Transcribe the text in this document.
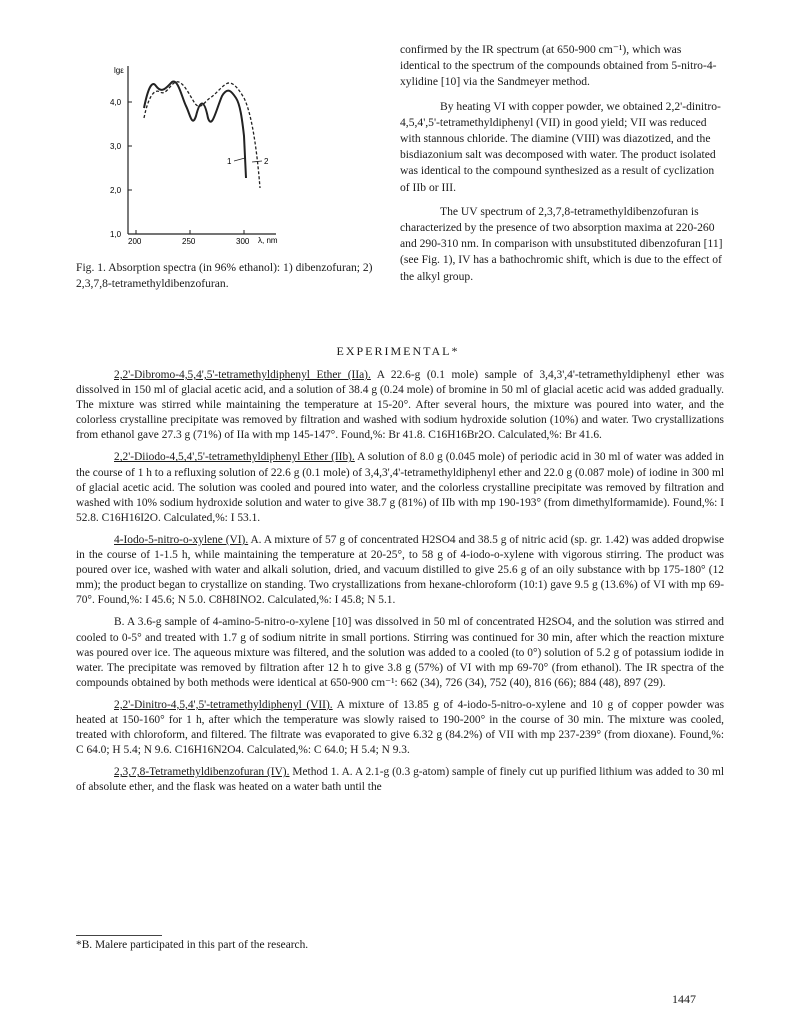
lgε
4,0
3,0
2,0
1,0
200	250	300 λ, nm
1	2
Fig. 1. Absorption spectra (in 96% ethanol): 1) dibenzofuran; 2) 2,3,7,8-tetramethyldibenzofuran.

confirmed by the IR spectrum (at 650-900 cm⁻¹), which was identical to the spectrum of the compounds obtained from 5-nitro-4-xylidine [10] via the Sandmeyer method.

By heating VI with copper powder, we obtained 2,2'-dinitro-4,5,4',5'-tetramethyldiphenyl (VII) in good yield; VII was reduced with stannous chloride. The diamine (VIII) was diazotized, and the bisdiazonium salt was decomposed with water. The product isolated was identical to the compound synthesized as a result of cyclization of IIb or III.

The UV spectrum of 2,3,7,8-tetramethyldibenzofuran is characterized by the presence of two absorption maxima at 220-260 and 290-310 nm. In comparison with unsubstituted dibenzofuran [11] (see Fig. 1), IV has a bathochromic shift, which is due to the effect of the alkyl group.

EXPERIMENTAL*

2,2'-Dibromo-4,5,4',5'-tetramethyldiphenyl Ether (IIa). A 22.6-g (0.1 mole) sample of 3,4,3',4'-tetramethyldiphenyl ether was dissolved in 150 ml of glacial acetic acid, and a solution of 38.4 g (0.24 mole) of bromine in 50 ml of glacial acetic acid was added gradually. The mixture was stirred while maintaining the temperature at 15-20°. After several hours, the mixture was poured into water, and the colorless crystalline precipitate was removed by filtration and washed with sodium hydroxide solution (10%) and water. Two crystallizations from ethanol gave 27.3 g (71%) of IIa with mp 145-147°. Found,%: Br 41.8. C16H16Br2O. Calculated,%: Br 41.6.

2,2'-Diiodo-4,5,4',5'-tetramethyldiphenyl Ether (IIb). A solution of 8.0 g (0.045 mole) of periodic acid in 30 ml of water was added in the course of 1 h to a refluxing solution of 22.6 g (0.1 mole) of 3,4,3',4'-tetramethyldiphenyl ether and 22.0 g (0.087 mole) of iodine in 300 ml of glacial acetic acid. The solution was cooled and poured into water, and the colorless crystalline precipitate was removed by filtration and washed with 10% sodium hydroxide solution and water to give 38.7 g (81%) of IIb with mp 190-193° (from dimethylformamide). Found,%: I 52.8. C16H16I2O. Calculated,%: I 53.1.

4-Iodo-5-nitro-o-xylene (VI). A. A mixture of 57 g of concentrated H2SO4 and 38.5 g of nitric acid (sp. gr. 1.42) was added dropwise in the course of 1-1.5 h, while maintaining the temperature at 20-25°, to 58 g of 4-iodo-o-xylene with vigorous stirring. The product was poured over ice, washed with water and alkali solution, dried, and vacuum distilled to give 25.6 g of an oily substance with bp 175-180° (12 mm); the product began to crystallize on standing. Two crystallizations from hexane-chloroform (10:1) gave 9.5 g (13.6%) of VI with mp 69-70°. Found,%: I 45.6; N 5.0. C8H8INO2. Calculated,%: I 45.8; N 5.1.

B. A 3.6-g sample of 4-amino-5-nitro-o-xylene [10] was dissolved in 50 ml of concentrated H2SO4, and the solution was stirred and cooled to 0-5° and treated with 1.7 g of sodium nitrite in small portions. Stirring was continued for 30 min, after which the reaction mixture was poured over ice. The aqueous mixture was filtered, and the solution was added to a cooled (to 0°) solution of 5.2 g of potassium iodide in water. The precipitate was removed by filtration after 12 h to give 3.8 g (57%) of VI with mp 69-70° (from ethanol). The IR spectra of the compounds obtained by both methods were identical at 650-900 cm⁻¹: 662 (34), 726 (34), 752 (40), 816 (66); 884 (48), 897 (29).

2,2'-Dinitro-4,5,4',5'-tetramethyldiphenyl (VII). A mixture of 13.85 g of 4-iodo-5-nitro-o-xylene and 10 g of copper powder was heated at 150-160° for 1 h, after which the temperature was slowly raised to 190-200° in the course of 30 min. The mixture was cooled, treated with chloroform, and filtered. The filtrate was evaporated to give 6.32 g (84.2%) of VII with mp 237-239° (from dioxane). Found,%: C 64.0; H 5.4; N 9.6. C16H16N2O4. Calculated,%: C 64.0; H 5.4; N 9.3.

2,3,7,8-Tetramethyldibenzofuran (IV). Method 1. A. A 2.1-g (0.3 g-atom) sample of finely cut up purified lithium was added to 30 ml of absolute ether, and the flask was heated on a water bath until the

*B. Malere participated in this part of the research.
1447
